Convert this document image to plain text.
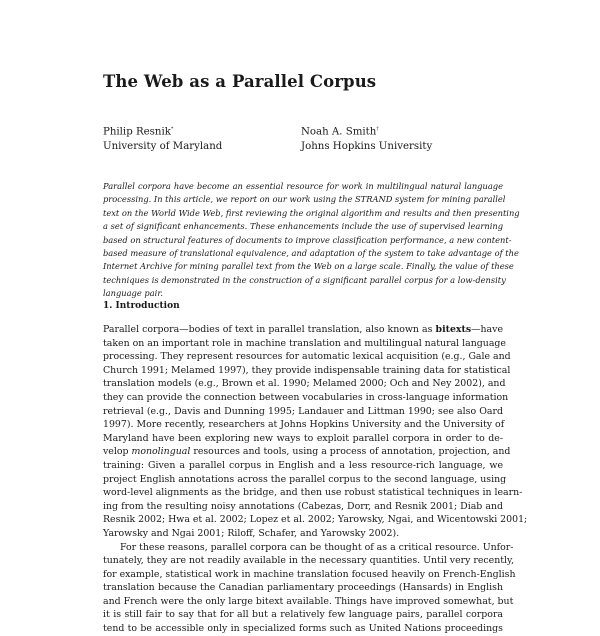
The Web as a Parallel Corpus
Philip Resnik*
University of Maryland
Noah A. Smith†
Johns Hopkins University
Parallel corpora have become an essential resource for work in multilingual natural language
processing. In this article, we report on our work using the STRAND system for mining parallel
text on the World Wide Web, first reviewing the original algorithm and results and then presenting
a set of significant enhancements. These enhancements include the use of supervised learning
based on structural features of documents to improve classification performance, a new content-
based measure of translational equivalence, and adaptation of the system to take advantage of the
Internet Archive for mining parallel text from the Web on a large scale. Finally, the value of these
techniques is demonstrated in the construction of a significant parallel corpus for a low-density
language pair.
1. Introduction
Parallel corpora—bodies of text in parallel translation, also known as bitexts—have
taken on an important role in machine translation and multilingual natural language
processing. They represent resources for automatic lexical acquisition (e.g., Gale and
Church 1991; Melamed 1997), they provide indispensable training data for statistical
translation models (e.g., Brown et al. 1990; Melamed 2000; Och and Ney 2002), and
they can provide the connection between vocabularies in cross-language information
retrieval (e.g., Davis and Dunning 1995; Landauer and Littman 1990; see also Oard
1997). More recently, researchers at Johns Hopkins University and the University of
Maryland have been exploring new ways to exploit parallel corpora in order to de-
velop monolingual resources and tools, using a process of annotation, projection, and
training: Given a parallel corpus in English and a less resource-rich language, we
project English annotations across the parallel corpus to the second language, using
word-level alignments as the bridge, and then use robust statistical techniques in learn-
ing from the resulting noisy annotations (Cabezas, Dorr, and Resnik 2001; Diab and
Resnik 2002; Hwa et al. 2002; Lopez et al. 2002; Yarowsky, Ngai, and Wicentowski 2001;
Yarowsky and Ngai 2001; Riloff, Schafer, and Yarowsky 2002).
For these reasons, parallel corpora can be thought of as a critical resource. Unfor-
tunately, they are not readily available in the necessary quantities. Until very recently,
for example, statistical work in machine translation focused heavily on French-English
translation because the Canadian parliamentary proceedings (Hansards) in English
and French were the only large bitext available. Things have improved somewhat, but
it is still fair to say that for all but a relatively few language pairs, parallel corpora
tend to be accessible only in specialized forms such as United Nations proceedings
